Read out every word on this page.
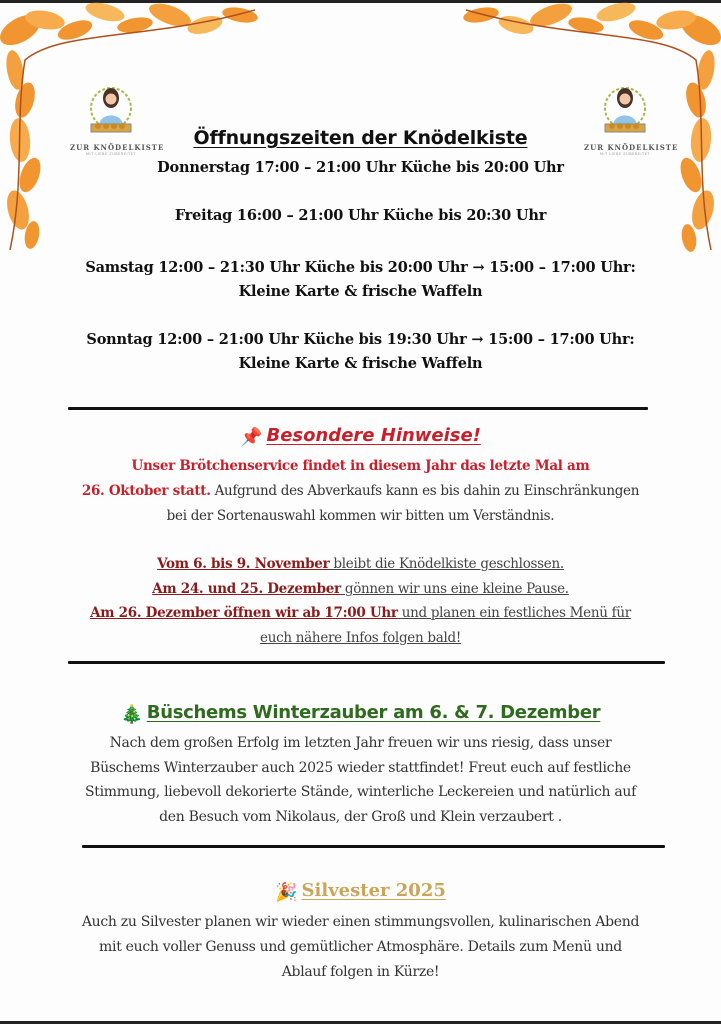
ZUR KNÖDELKISTE
MIT LIEBE ZUBEREITET
ZUR KNÖDELKISTE
MIT LIEBE ZUBEREITET
Öffnungszeiten der Knödelkiste
Donnerstag 17:00 – 21:00 Uhr Küche bis 20:00 Uhr
Freitag 16:00 – 21:00 Uhr Küche bis 20:30 Uhr
Samstag 12:00 – 21:30 Uhr Küche bis 20:00 Uhr → 15:00 – 17:00 Uhr:
Kleine Karte & frische Waffeln
Sonntag 12:00 – 21:00 Uhr Küche bis 19:30 Uhr → 15:00 – 17:00 Uhr:
Kleine Karte & frische Waffeln
📌 Besondere Hinweise!
Unser Brötchenservice findet in diesem Jahr das letzte Mal am
26. Oktober statt. Aufgrund des Abverkaufs kann es bis dahin zu Einschränkungen
bei der Sortenauswahl kommen wir bitten um Verständnis.
Vom 6. bis 9. November bleibt die Knödelkiste geschlossen.
Am 24. und 25. Dezember gönnen wir uns eine kleine Pause.
Am 26. Dezember öffnen wir ab 17:00 Uhr und planen ein festliches Menü für
euch nähere Infos folgen bald!
🎄 Büschems Winterzauber am 6. & 7. Dezember
Nach dem großen Erfolg im letzten Jahr freuen wir uns riesig, dass unser
Büschems Winterzauber auch 2025 wieder stattfindet! Freut euch auf festliche
Stimmung, liebevoll dekorierte Stände, winterliche Leckereien und natürlich auf
den Besuch vom Nikolaus, der Groß und Klein verzaubert .
🎉 Silvester 2025
Auch zu Silvester planen wir wieder einen stimmungsvollen, kulinarischen Abend
mit euch voller Genuss und gemütlicher Atmosphäre. Details zum Menü und
Ablauf folgen in Kürze!
